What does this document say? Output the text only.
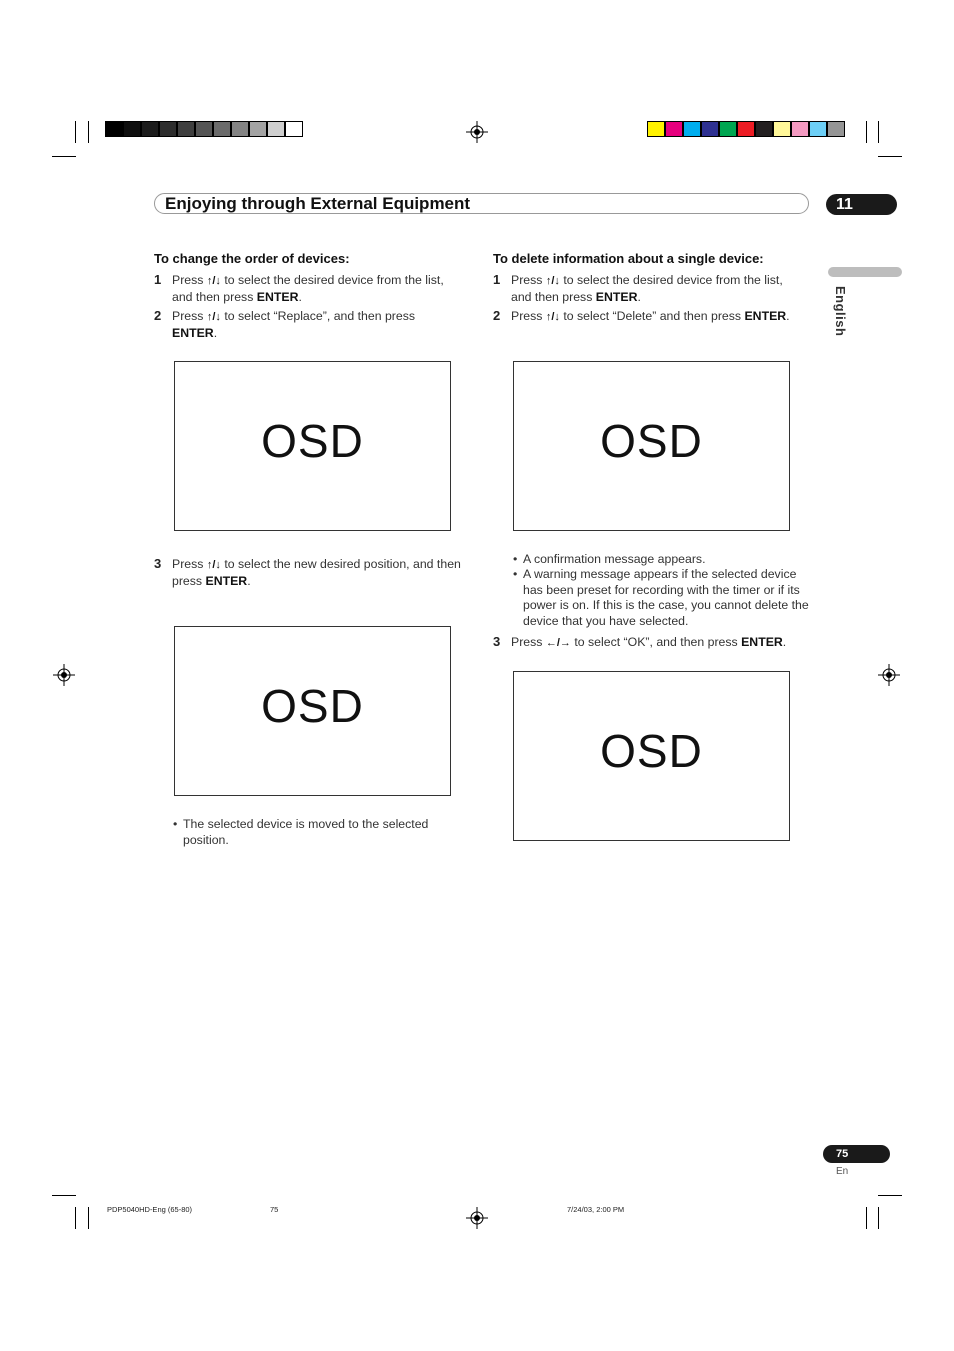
Enjoying through External Equipment	11
English
To change the order of devices:
1 Press ↑/↓ to select the desired device from the list, and then press ENTER.
2 Press ↑/↓ to select “Replace”, and then press ENTER.
OSD
3 Press ↑/↓ to select the new desired position, and then press ENTER.
OSD
• The selected device is moved to the selected position.
To delete information about a single device:
1 Press ↑/↓ to select the desired device from the list, and then press ENTER.
2 Press ↑/↓ to select “Delete” and then press ENTER.
OSD
• A confirmation message appears.
• A warning message appears if the selected device has been preset for recording with the timer or if its power is on. If this is the case, you cannot delete the device that you have selected.
3 Press ←/→ to select “OK”, and then press ENTER.
OSD
75
En
PDP5040HD-Eng (65-80)	75	7/24/03, 2:00 PM
